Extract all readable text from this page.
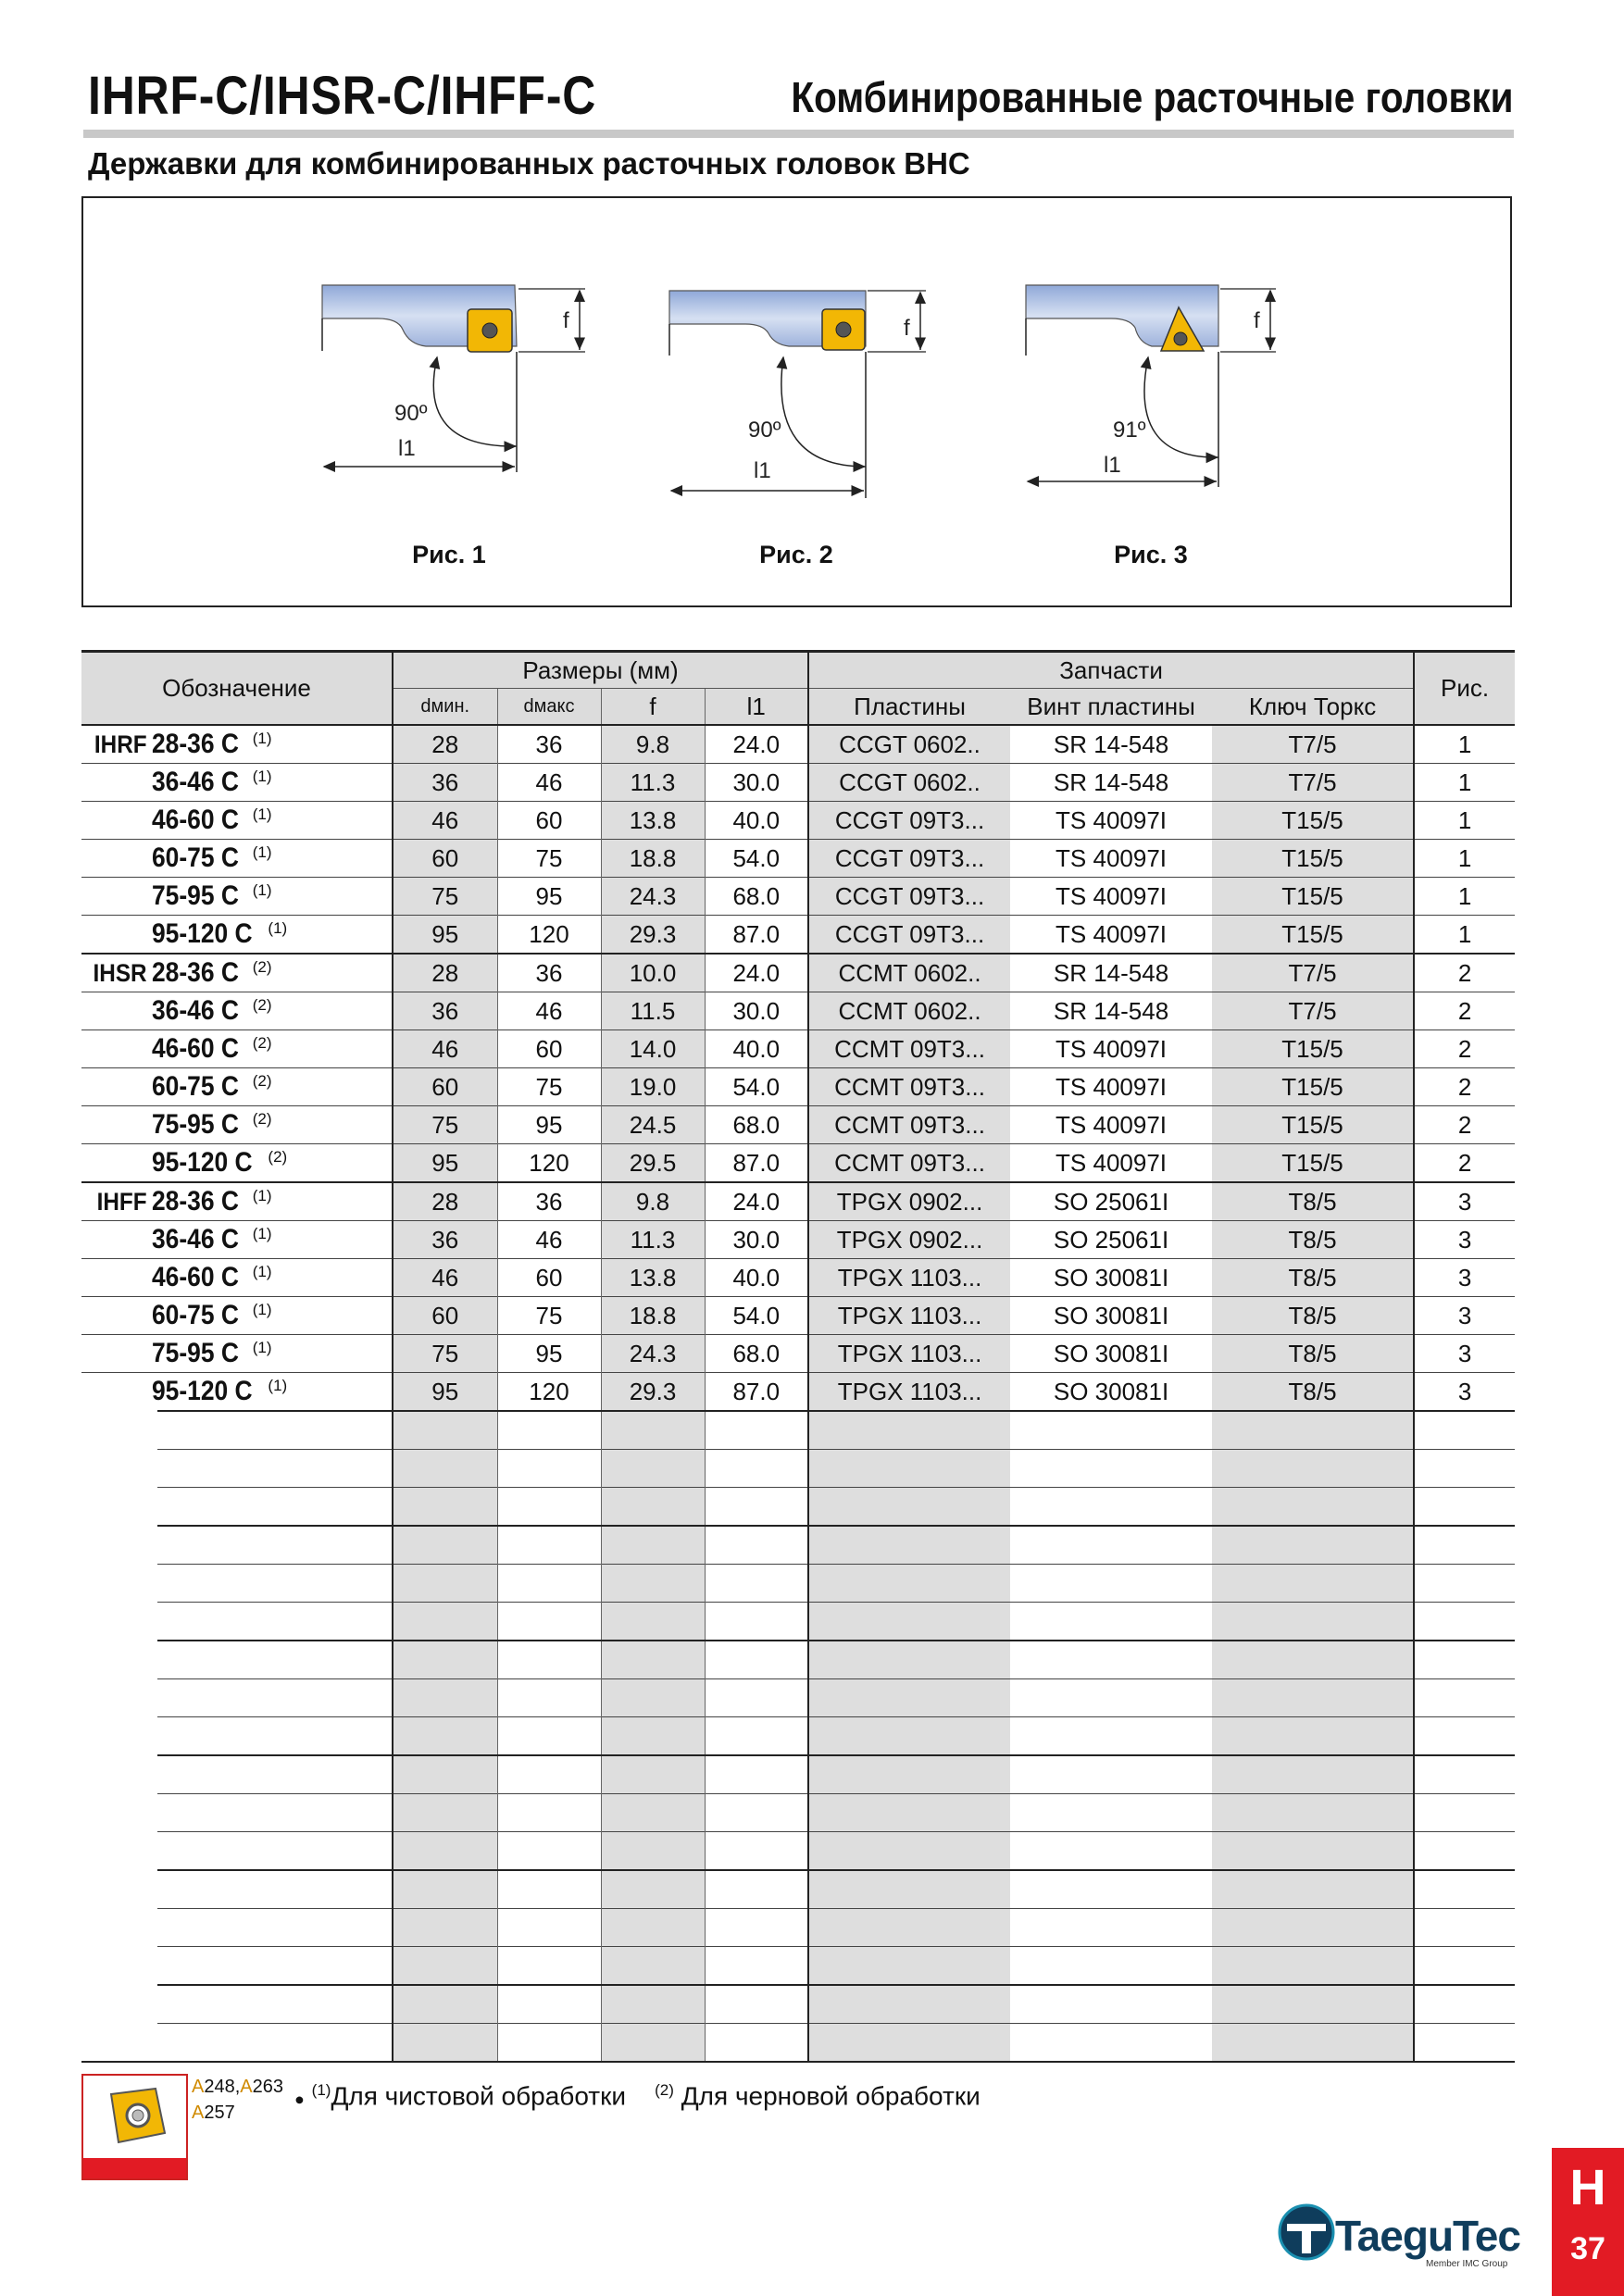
IHRF-C/IHSR-C/IHFF-C	Комбинированные расточные головки
Державки для комбинированных расточных головок BHC
f
90º
l1
f
90º
l1
f
91º
l1
Рис. 1	Рис. 2	Рис. 3
Обозначение	Размеры (мм)				Запчасти			Рис.
	dмин.	dмакс	f	l1	Пластины	Винт пластины	Ключ Торкс	
IHRF 28-36 C $^{(1)}$	28	36	9.8	24.0	CCGT 0602..	SR 14-548	T7/5	1
36-46 C $^{(1)}$	36	46	11.3	30.0	CCGT 0602..	SR 14-548	T7/5	1
46-60 C $^{(1)}$	46	60	13.8	40.0	CCGT 09T3...	TS 40097I	T15/5	1
60-75 C $^{(1)}$	60	75	18.8	54.0	CCGT 09T3...	TS 40097I	T15/5	1
75-95 C $^{(1)}$	75	95	24.3	68.0	CCGT 09T3...	TS 40097I	T15/5	1
95-120 C $^{(1)}$	95	120	29.3	87.0	CCGT 09T3...	TS 40097I	T15/5	1
IHSR 28-36 C $^{(2)}$	28	36	10.0	24.0	CCMT 0602..	SR 14-548	T7/5	2
36-46 C $^{(2)}$	36	46	11.5	30.0	CCMT 0602..	SR 14-548	T7/5	2
46-60 C $^{(2)}$	46	60	14.0	40.0	CCMT 09T3...	TS 40097I	T15/5	2
60-75 C $^{(2)}$	60	75	19.0	54.0	CCMT 09T3...	TS 40097I	T15/5	2
75-95 C $^{(2)}$	75	95	24.5	68.0	CCMT 09T3...	TS 40097I	T15/5	2
95-120 C $^{(2)}$	95	120	29.5	87.0	CCMT 09T3...	TS 40097I	T15/5	2
IHFF 28-36 C $^{(1)}$	28	36	9.8	24.0	TPGX 0902...	SO 25061I	T8/5	3
36-46 C $^{(1)}$	36	46	11.3	30.0	TPGX 0902...	SO 25061I	T8/5	3
46-60 C $^{(1)}$	46	60	13.8	40.0	TPGX 1103...	SO 30081I	T8/5	3
60-75 C $^{(1)}$	60	75	18.8	54.0	TPGX 1103...	SO 30081I	T8/5	3
75-95 C $^{(1)}$	75	95	24.3	68.0	TPGX 1103...	SO 30081I	T8/5	3
95-120 C $^{(1)}$	95	120	29.3	87.0	TPGX 1103...	SO 30081I	T8/5	3

A248,A263
A257
● $^{(1)}$Для чистовой обработки $^{(2)}$ Для черновой обработки
TaeguTec
Member IMC Group
H
37
